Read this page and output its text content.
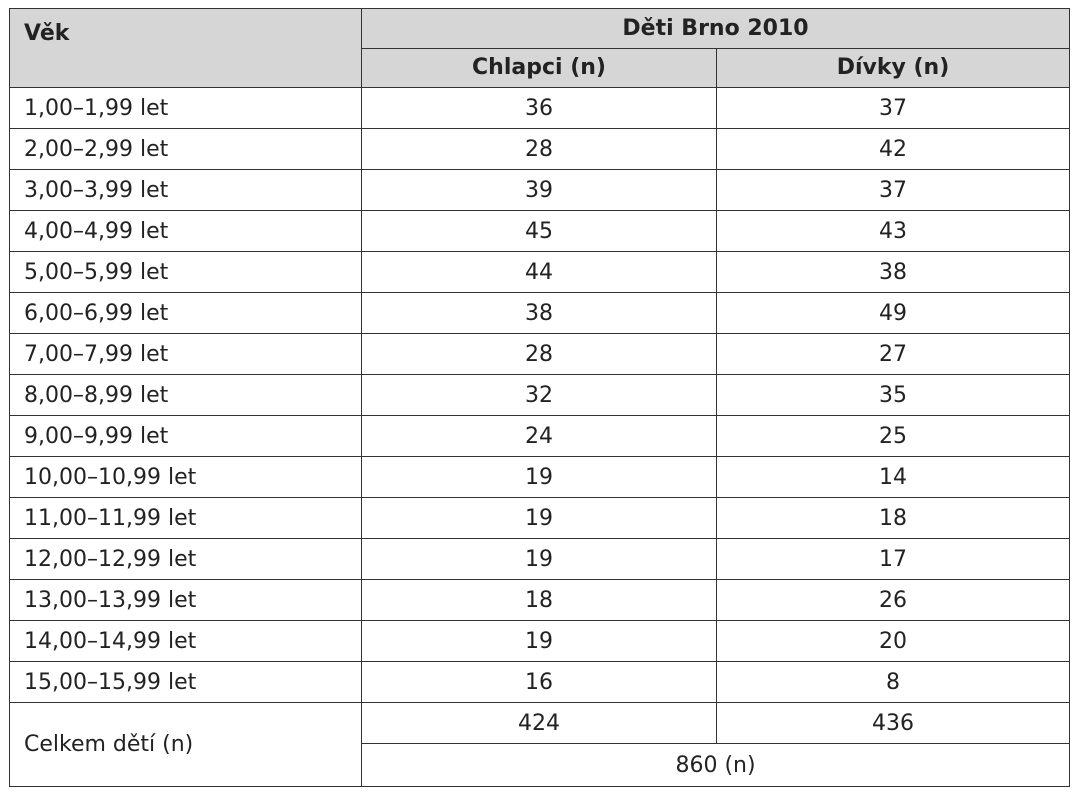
Věk	Děti Brno 2010	
	Chlapci (n)	Dívky (n)
1,00–1,99 let	36	37
2,00–2,99 let	28	42
3,00–3,99 let	39	37
4,00–4,99 let	45	43
5,00–5,99 let	44	38
6,00–6,99 let	38	49
7,00–7,99 let	28	27
8,00–8,99 let	32	35
9,00–9,99 let	24	25
10,00–10,99 let	19	14
11,00–11,99 let	19	18
12,00–12,99 let	19	17
13,00–13,99 let	18	26
14,00–14,99 let	19	20
15,00–15,99 let	16	8
Celkem dětí (n)	424	436
	860 (n)	
